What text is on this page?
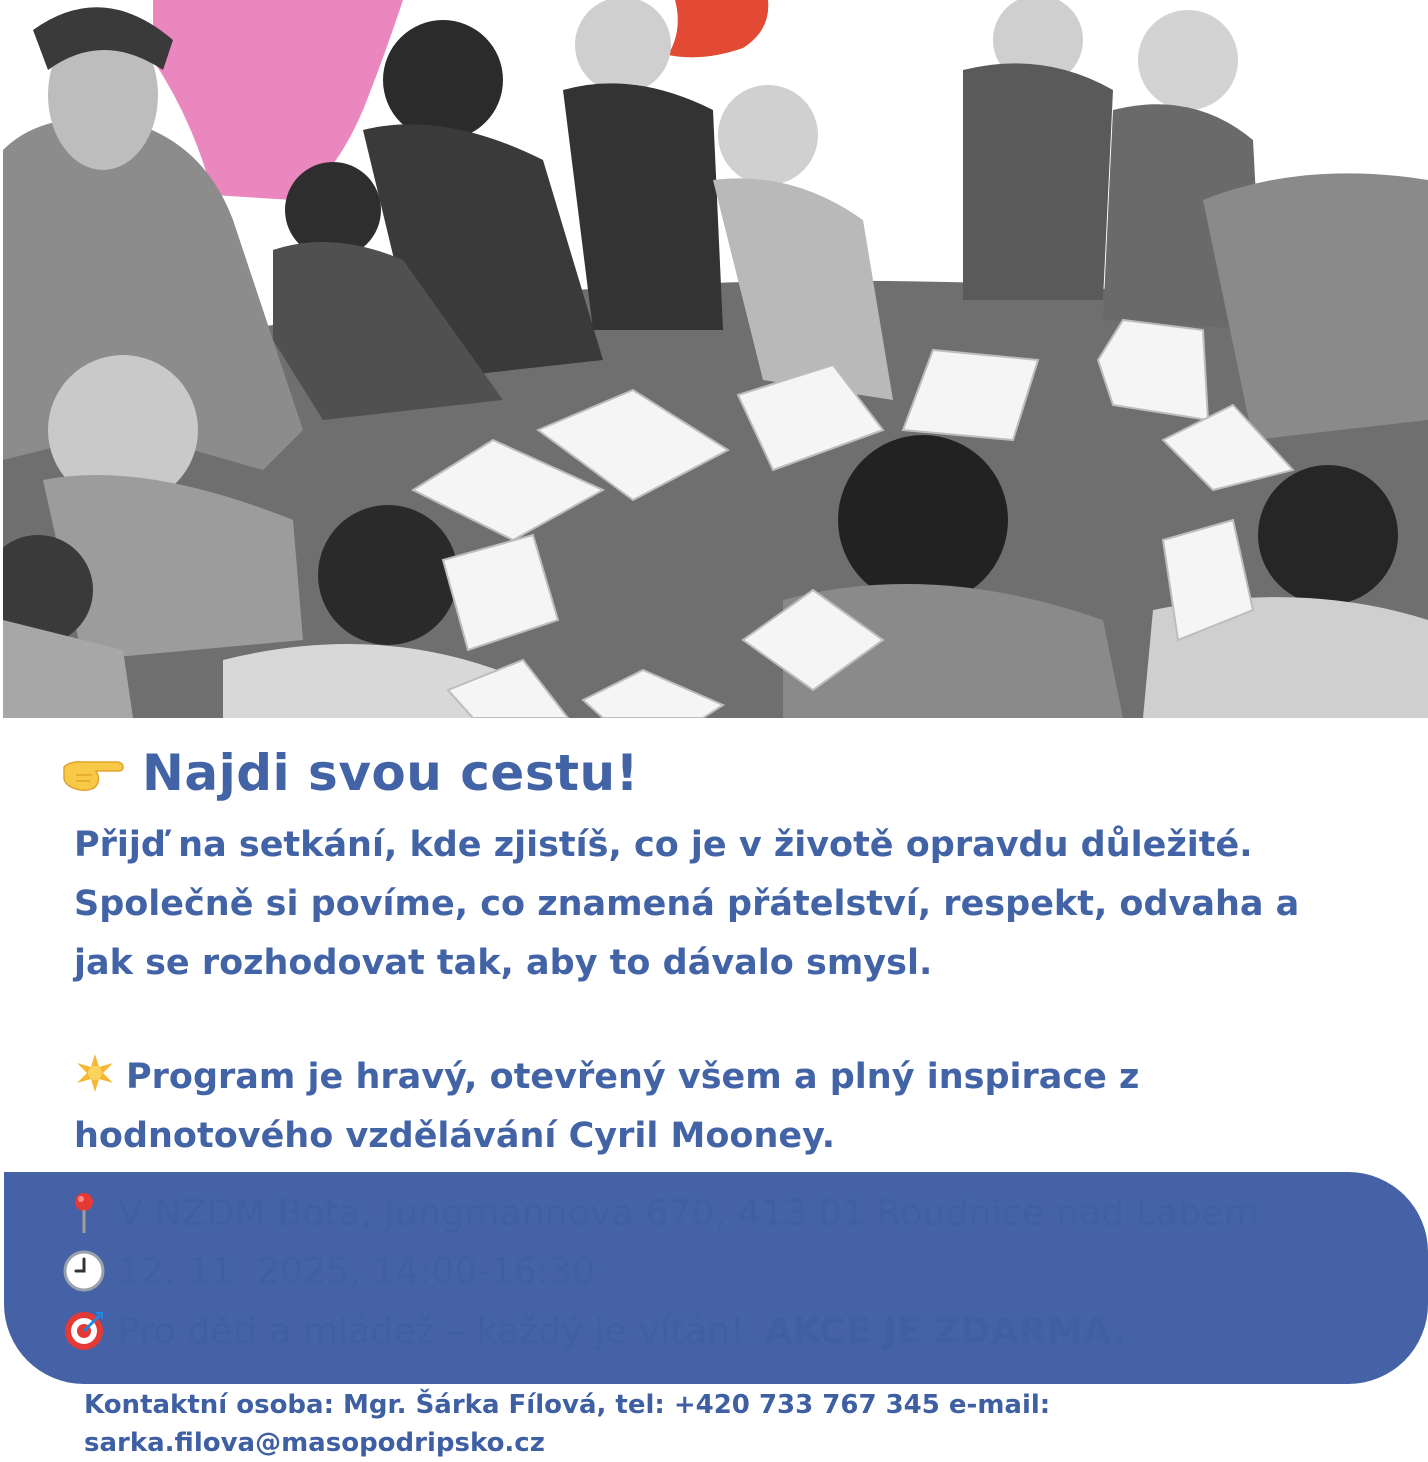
Najdi svou cestu!

Přijď na setkání, kde zjistíš, co je v životě opravdu důležité.

Společně si povíme, co znamená přátelství, respekt, odvaha a

jak se rozhodovat tak, aby to dávalo smysl.

Program je hravý, otevřený všem a plný inspirace z

hodnotového vzdělávání Cyril Mooney.

V NZDM Bota, Jungmannova 670, 413 01 Roudnice nad Labem
12. 11. 2025, 14:00-16:30
Pro děti a mládež – každý je vítán! AKCE JE ZDARMA.

Kontaktní osoba: Mgr. Šárka Fílová, tel: +420 733 767 345 e-mail:

sarka.filova@masopodripsko.cz
